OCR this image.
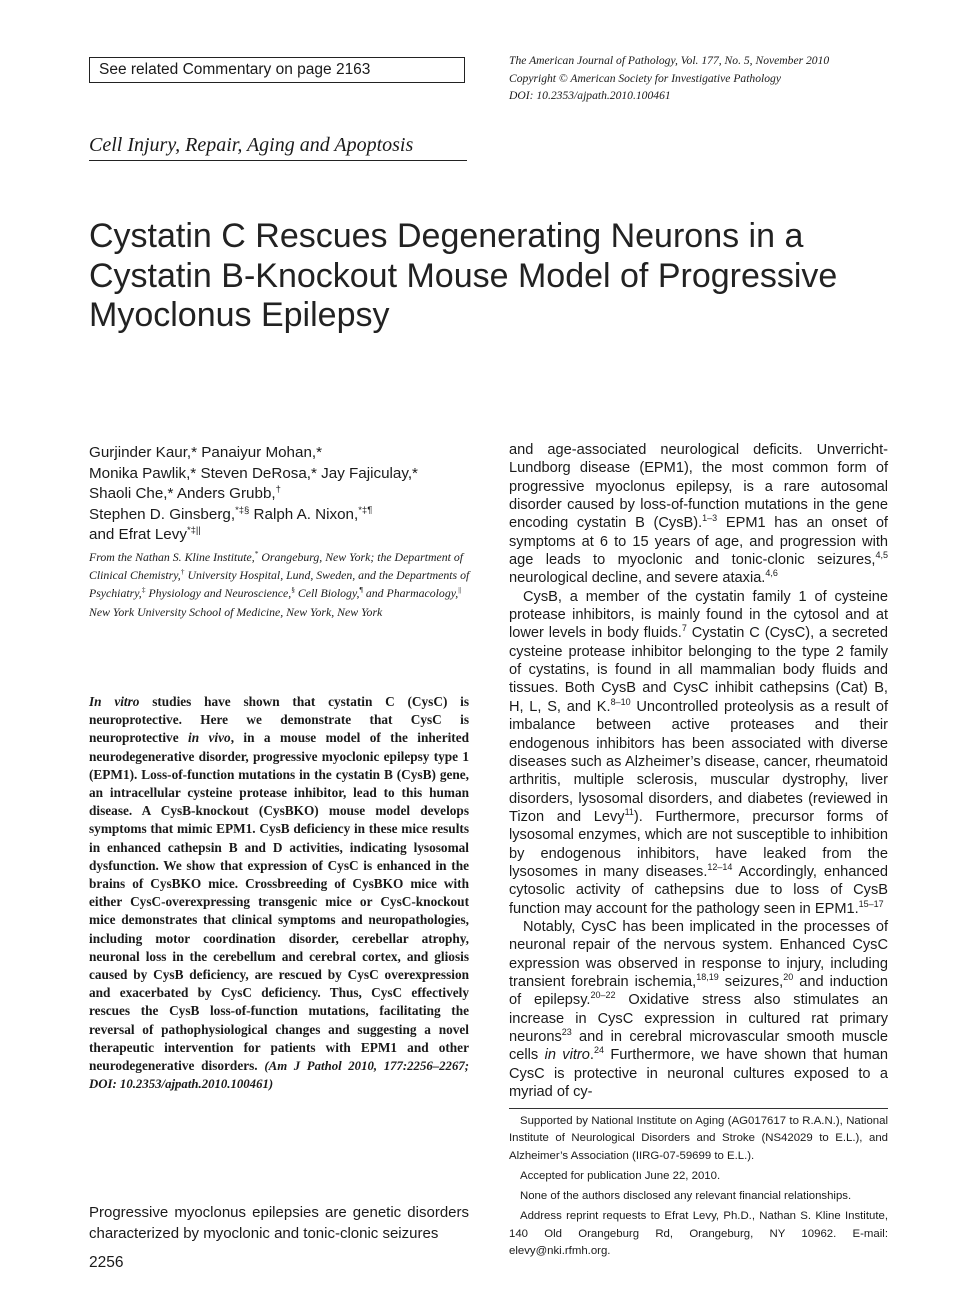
See related Commentary on page 2163
The American Journal of Pathology, Vol. 177, No. 5, November 2010
Copyright © American Society for Investigative Pathology
DOI: 10.2353/ajpath.2010.100461
Cell Injury, Repair, Aging and Apoptosis
Cystatin C Rescues Degenerating Neurons in a Cystatin B-Knockout Mouse Model of Progressive Myoclonus Epilepsy
Gurjinder Kaur,* Panaiyur Mohan,*
Monika Pawlik,* Steven DeRosa,* Jay Fajiculay,*
Shaoli Che,* Anders Grubb,†
Stephen D. Ginsberg,*‡§ Ralph A. Nixon,*‡¶
and Efrat Levy*‡||
From the Nathan S. Kline Institute,* Orangeburg, New York; the Department of Clinical Chemistry,† University Hospital, Lund, Sweden, and the Departments of Psychiatry,‡ Physiology and Neuroscience,§ Cell Biology,¶ and Pharmacology,|| New York University School of Medicine, New York, New York
In vitro studies have shown that cystatin C (CysC) is neuroprotective. Here we demonstrate that CysC is neuroprotective in vivo, in a mouse model of the inherited neurodegenerative disorder, progressive myoclonic epilepsy type 1 (EPM1). Loss-of-function mutations in the cystatin B (CysB) gene, an intracellular cysteine protease inhibitor, lead to this human disease. A CysB-knockout (CysBKO) mouse model develops symptoms that mimic EPM1. CysB deficiency in these mice results in enhanced cathepsin B and D activities, indicating lysosomal dysfunction. We show that expression of CysC is enhanced in the brains of CysBKO mice. Crossbreeding of CysBKO mice with either CysC-overexpressing transgenic mice or CysC-knockout mice demonstrates that clinical symptoms and neuropathologies, including motor coordination disorder, cerebellar atrophy, neuronal loss in the cerebellum and cerebral cortex, and gliosis caused by CysB deficiency, are rescued by CysC overexpression and exacerbated by CysC deficiency. Thus, CysC effectively rescues the CysB loss-of-function mutations, facilitating the reversal of pathophysiological changes and suggesting a novel therapeutic intervention for patients with EPM1 and other neurodegenerative disorders. (Am J Pathol 2010, 177:2256–2267; DOI: 10.2353/ajpath.2010.100461)
Progressive myoclonus epilepsies are genetic disorders characterized by myoclonic and tonic-clonic seizures

and age-associated neurological deficits. Unverricht-Lundborg disease (EPM1), the most common form of progressive myoclonus epilepsy, is a rare autosomal disorder caused by loss-of-function mutations in the gene encoding cystatin B (CysB).$^{1-3}$ EPM1 has an onset of symptoms at 6 to 15 years of age, and progression with age leads to myoclonic and tonic-clonic seizures,$^{4,5}$ neurological decline, and severe ataxia.$^{4,6}$

CysB, a member of the cystatin family 1 of cysteine protease inhibitors, is mainly found in the cytosol and at lower levels in body fluids.$^7$ Cystatin C (CysC), a secreted cysteine protease inhibitor belonging to the type 2 family of cystatins, is found in all mammalian body fluids and tissues. Both CysB and CysC inhibit cathepsins (Cat) B, H, L, S, and K.$^{8-10}$ Uncontrolled proteolysis as a result of imbalance between active proteases and their endogenous inhibitors has been associated with diverse diseases such as Alzheimer’s disease, cancer, rheumatoid arthritis, multiple sclerosis, muscular dystrophy, liver disorders, lysosomal disorders, and diabetes (reviewed in Tizon and Levy$^{11}$). Furthermore, precursor forms of lysosomal enzymes, which are not susceptible to inhibition by endogenous inhibitors, have leaked from the lysosomes in many diseases.$^{12-14}$ Accordingly, enhanced cytosolic activity of cathepsins due to loss of CysB function may account for the pathology seen in EPM1.$^{15-17}$

Notably, CysC has been implicated in the processes of neuronal repair of the nervous system. Enhanced CysC expression was observed in response to injury, including transient forebrain ischemia,$^{18,19}$ seizures,$^{20}$ and induction of epilepsy.$^{20-22}$ Oxidative stress also stimulates an increase in CysC expression in cultured rat primary neurons$^{23}$ and in cerebral microvascular smooth muscle cells in vitro.$^{24}$ Furthermore, we have shown that human CysC is protective in neuronal cultures exposed to a myriad of cy-

Supported by National Institute on Aging (AG017617 to R.A.N.), National Institute of Neurological Disorders and Stroke (NS42029 to E.L.), and Alzheimer’s Association (IIRG-07-59699 to E.L.).

Accepted for publication June 22, 2010.

None of the authors disclosed any relevant financial relationships.

Address reprint requests to Efrat Levy, Ph.D., Nathan S. Kline Institute, 140 Old Orangeburg Rd, Orangeburg, NY 10962. E-mail: elevy@nki.rfmh.org.

2256
